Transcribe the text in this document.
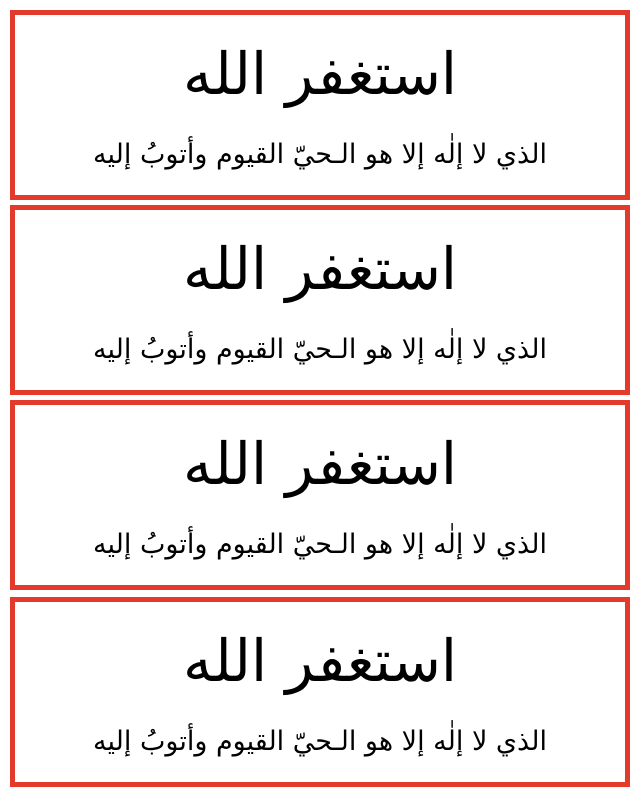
استغفر الله
الذي لا إلٰه إلا هو الـحيّ القيوم وأتوبُ إليه
استغفر الله
الذي لا إلٰه إلا هو الـحيّ القيوم وأتوبُ إليه
استغفر الله
الذي لا إلٰه إلا هو الـحيّ القيوم وأتوبُ إليه
استغفر الله
الذي لا إلٰه إلا هو الـحيّ القيوم وأتوبُ إليه
